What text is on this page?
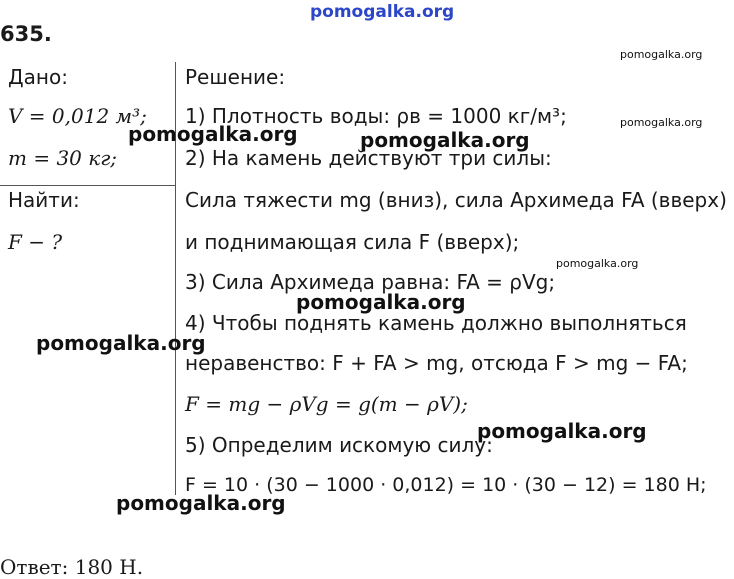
pomogalka.org
pomogalka.org
pomogalka.org
pomogalka.org
635.
Дано:
V = 0,012 м³;
m = 30 кг;
Найти:
F − ?
Решение:
1) Плотность воды: ρв = 1000 кг/м³;
2) На камень действуют три силы:
Сила тяжести mg (вниз), сила Архимеда FA (вверх)
и поднимающая сила F (вверх);
3) Сила Архимеда равна: FA = ρVg;
4) Чтобы поднять камень должно выполняться
неравенство: F + FA > mg, отсюда F > mg − FA;
F = mg − ρVg = g(m − ρV);
5) Определим искомую силу:
F = 10 · (30 − 1000 · 0,012) = 10 · (30 − 12) = 180 Н;
Ответ: 180 Н.
pomogalka.org	pomogalka.org
pomogalka.org
pomogalka.org
pomogalka.org
pomogalka.org
